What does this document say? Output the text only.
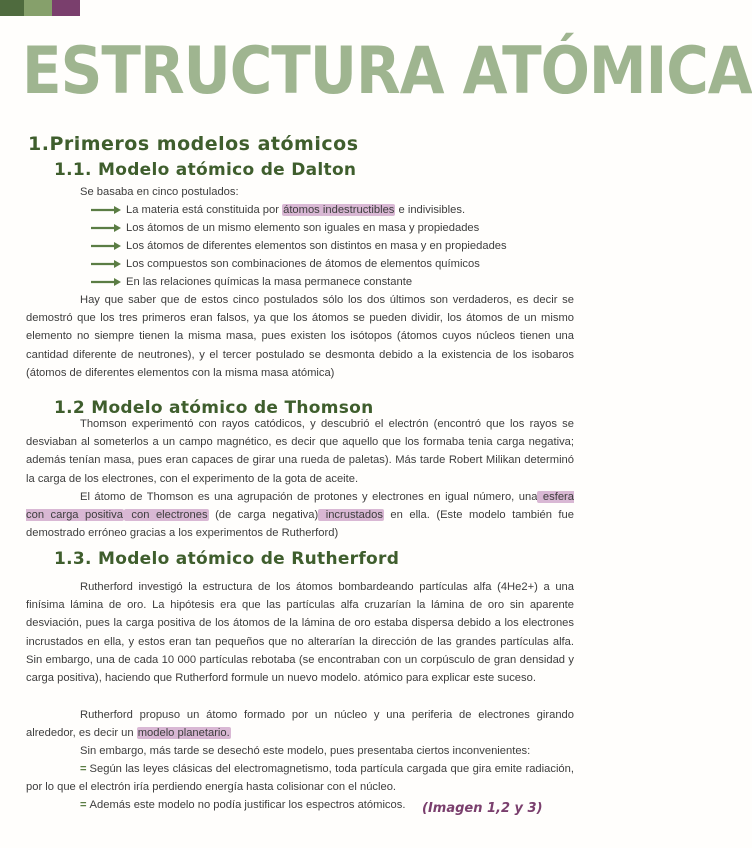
ESTRUCTURA ATÓMICA
1.Primeros modelos atómicos
1.1. Modelo atómico de Dalton
Se basaba en cinco postulados:
La materia está constituida por átomos indestructibles e indivisibles.
Los átomos de un mismo elemento son iguales en masa y propiedades
Los átomos de diferentes elementos son distintos en masa y en propiedades
Los compuestos son combinaciones de átomos de elementos químicos
En las relaciones químicas la masa permanece constante
Hay que saber que de estos cinco postulados sólo los dos últimos son verdaderos, es decir se demostró que los tres primeros eran falsos, ya que los átomos se pueden dividir, los átomos de un mismo elemento no siempre tienen la misma masa, pues existen los isótopos (átomos cuyos núcleos tienen una cantidad diferente de neutrones), y el tercer postulado se desmonta debido a la existencia de los isobaros (átomos de diferentes elementos con la misma masa atómica)
1.2 Modelo atómico de Thomson
Thomson experimentó con rayos catódicos, y descubrió el electrón (encontró que los rayos se desviaban al someterlos a un campo magnético, es decir que aquello que los formaba tenia carga negativa; además tenían masa, pues eran capaces de girar una rueda de paletas). Más tarde Robert Milikan determinó la carga de los electrones, con el experimento de la gota de aceite.
El átomo de Thomson es una agrupación de protones y electrones en igual número, una esfera con carga positiva con electrones (de carga negativa) incrustados en ella. (Este modelo también fue demostrado erróneo gracias a los experimentos de Rutherford)
1.3. Modelo atómico de Rutherford
Rutherford investigó la estructura de los átomos bombardeando partículas alfa (4He2+) a una finísima lámina de oro. La hipótesis era que las partículas alfa cruzarían la lámina de oro sin aparente desviación, pues la carga positiva de los átomos de la lámina de oro estaba dispersa debido a los electrones incrustados en ella, y estos eran tan pequeños que no alterarían la dirección de las grandes partículas alfa. Sin embargo, una de cada 10 000 partículas rebotaba (se encontraban con un corpúsculo de gran densidad y carga positiva), haciendo que Rutherford formule un nuevo modelo. atómico para explicar este suceso.
Rutherford propuso un átomo formado por un núcleo y una periferia de electrones girando alrededor, es decir un modelo planetario.
Sin embargo, más tarde se desechó este modelo, pues presentaba ciertos inconvenientes:
= Según las leyes clásicas del electromagnetismo, toda partícula cargada que gira emite radiación, por lo que el electrón iría perdiendo energía hasta colisionar con el núcleo.
= Además este modelo no podía justificar los espectros atómicos. (Imagen 1,2 y 3)
